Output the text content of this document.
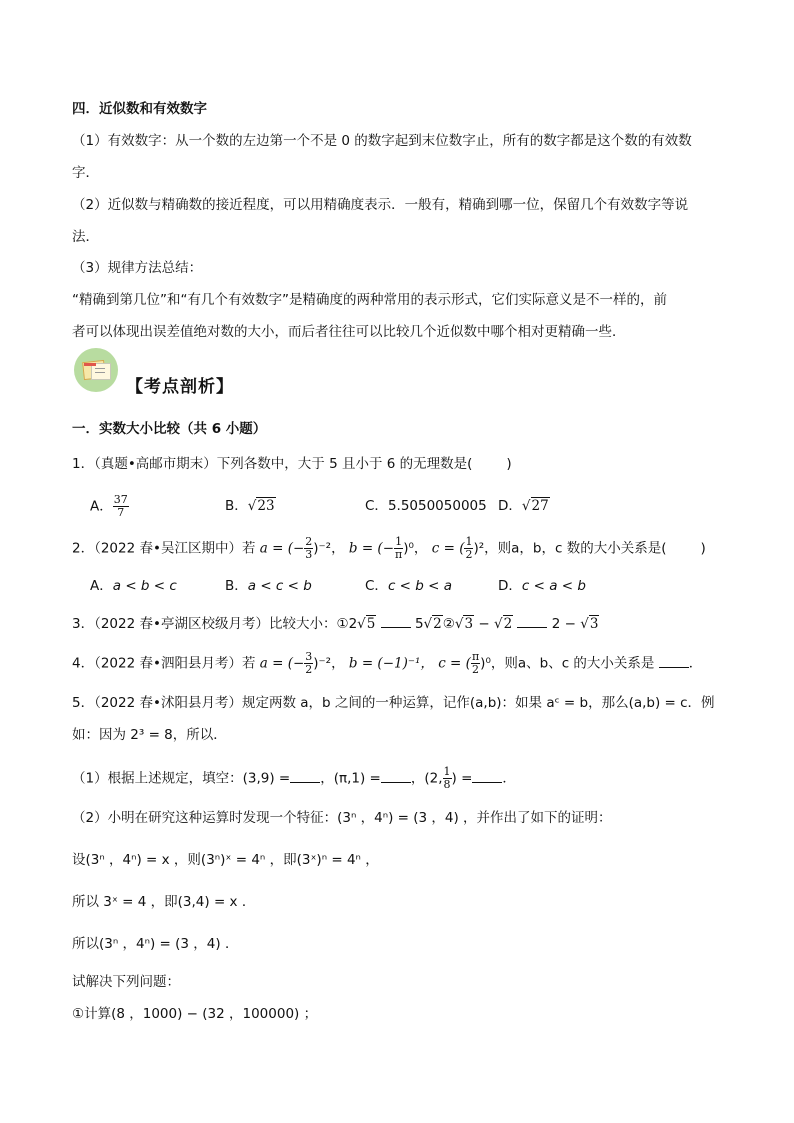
四．近似数和有效数字
（1）有效数字：从一个数的左边第一个不是 0 的数字起到末位数字止，所有的数字都是这个数的有效数
字．
（2）近似数与精确数的接近程度，可以用精确度表示．一般有，精确到哪一位，保留几个有效数字等说
法．
（3）规律方法总结：
“精确到第几位”和“有几个有效数字”是精确度的两种常用的表示形式，它们实际意义是不一样的，前
者可以体现出误差值绝对数的大小，而后者往往可以比较几个近似数中哪个相对更精确一些．
【考点剖析】
一．实数大小比较（共 6 小题）
1．（真题•高邮市期末）下列各数中，大于 5 且小于 6 的无理数是(	)
A． $\frac{37}{7}$	B．√23	C．5.5050050005 D．√27
2．（2022 春•吴江区期中）若 a = (− $\frac{2}{3} )^{-2}$， b = (− $\frac{1}{\pi} )^0$， c = ( $\frac{1}{2} )^2$，则a，b，c 数的大小关系是(	)
A．a < b < c	B．a < c < b	C．c < b < a	D．c < a < b
3．（2022 春•亭湖区校级月考）比较大小：①2√5	5√2②√3 − √2	2 − √3
4．（2022 春•泗阳县月考）若 a = (− $\frac{3}{2} )^{-2}$， b = (−1)⁻¹， c = ( $\frac{\pi}{2} )^0$，则a、b、c 的大小关系是	．
5．（2022 春•沭阳县月考）规定两数 a，b 之间的一种运算，记作(a,b)：如果 aᶜ = b，那么(a,b) = c．例
如：因为 2³ = 8，所以．
（1）根据上述规定，填空：(3,9) = ，(π,1) = ，(2, $\frac{1}{8}$ ) = ．
（2）小明在研究这种运算时发现一个特征：(3ⁿ ，4ⁿ) = (3 ，4) ，并作出了如下的证明：
设(3ⁿ ，4ⁿ) = x ，则(3ⁿ)ˣ = 4ⁿ ，即(3ˣ)ⁿ = 4ⁿ ，
所以 3ˣ = 4 ，即(3,4) = x ．
所以(3ⁿ ，4ⁿ) = (3 ，4) ．
试解决下列问题：
①计算(8 ，1000) − (32 ，100000) ；
